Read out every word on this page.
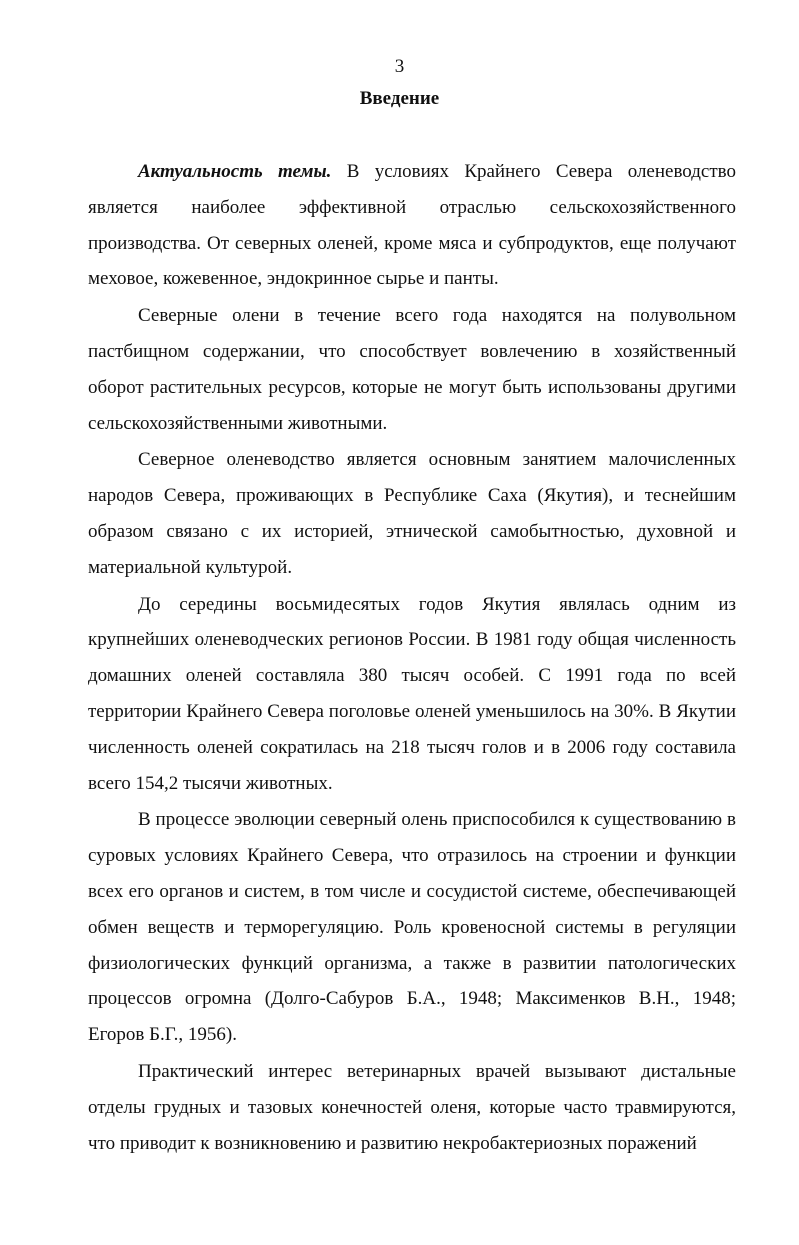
3
Введение

Актуальность темы. В условиях Крайнего Севера оленеводство является наиболее эффективной отраслью сельскохозяйственного производства. От северных оленей, кроме мяса и субпродуктов, еще получают меховое, кожевенное, эндокринное сырье и панты.

Северные олени в течение всего года находятся на полувольном пастбищном содержании, что способствует вовлечению в хозяйственный оборот растительных ресурсов, которые не могут быть использованы другими сельскохозяйственными животными.

Северное оленеводство является основным занятием малочисленных народов Севера, проживающих в Республике Саха (Якутия), и теснейшим образом связано с их историей, этнической самобытностью, духовной и материальной культурой.

До середины восьмидесятых годов Якутия являлась одним из крупнейших оленеводческих регионов России. В 1981 году общая численность домашних оленей составляла 380 тысяч особей. С 1991 года по всей территории Крайнего Севера поголовье оленей уменьшилось на 30%. В Якутии численность оленей сократилась на 218 тысяч голов и в 2006 году составила всего 154,2 тысячи животных.

В процессе эволюции северный олень приспособился к существованию в суровых условиях Крайнего Севера, что отразилось на строении и функции всех его органов и систем, в том числе и сосудистой системе, обеспечивающей обмен веществ и терморегуляцию. Роль кровеносной системы в регуляции физиологических функций организма, а также в развитии патологических процессов огромна (Долго-Сабуров Б.А., 1948; Максименков В.Н., 1948; Егоров Б.Г., 1956).

Практический интерес ветеринарных врачей вызывают дистальные отделы грудных и тазовых конечностей оленя, которые часто травмируются, что приводит к возникновению и развитию некробактериозных поражений
